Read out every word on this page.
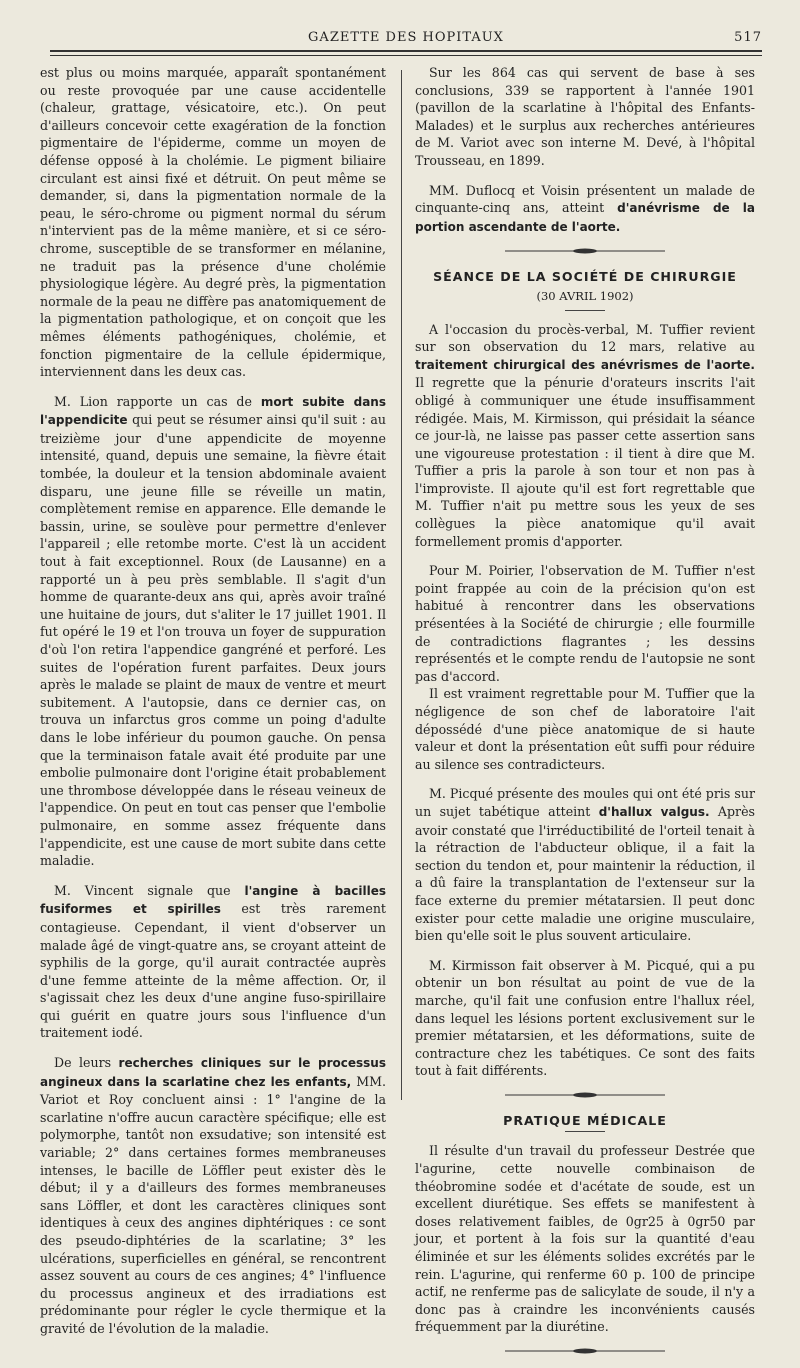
GAZETTE DES HOPITAUX	517

est plus ou moins marquée, apparaît spontanément ou reste provoquée par une cause accidentelle (chaleur, grattage, vésicatoire, etc.). On peut d'ailleurs concevoir cette exagération de la fonction pigmentaire de l'épiderme, comme un moyen de défense opposé à la cholémie. Le pigment biliaire circulant est ainsi fixé et détruit. On peut même se demander, si, dans la pigmentation normale de la peau, le séro-chrome ou pigment normal du sérum n'intervient pas de la même manière, et si ce séro-chrome, susceptible de se transformer en mélanine, ne traduit pas la présence d'une cholémie physiologique légère. Au degré près, la pigmentation normale de la peau ne diffère pas anatomiquement de la pigmentation pathologique, et on conçoit que les mêmes éléments pathogéniques, cholémie, et fonction pigmentaire de la cellule épidermique, interviennent dans les deux cas.

M. Lion rapporte un cas de mort subite dans l'appendicite qui peut se résumer ainsi qu'il suit : au treizième jour d'une appendicite de moyenne intensité, quand, depuis une semaine, la fièvre était tombée, la douleur et la tension abdominale avaient disparu, une jeune fille se réveille un matin, complètement remise en apparence. Elle demande le bassin, urine, se soulève pour permettre d'enlever l'appareil ; elle retombe morte. C'est là un accident tout à fait exceptionnel. Roux (de Lausanne) en a rapporté un à peu près semblable. Il s'agit d'un homme de quarante-deux ans qui, après avoir traîné une huitaine de jours, dut s'aliter le 17 juillet 1901. Il fut opéré le 19 et l'on trouva un foyer de suppuration d'où l'on retira l'appendice gangréné et perforé. Les suites de l'opération furent parfaites. Deux jours après le malade se plaint de maux de ventre et meurt subitement. A l'autopsie, dans ce dernier cas, on trouva un infarctus gros comme un poing d'adulte dans le lobe inférieur du poumon gauche. On pensa que la terminaison fatale avait été produite par une embolie pulmonaire dont l'origine était probablement une thrombose développée dans le réseau veineux de l'appendice. On peut en tout cas penser que l'embolie pulmonaire, en somme assez fréquente dans l'appendicite, est une cause de mort subite dans cette maladie.

M. Vincent signale que l'angine à bacilles fusiformes et spirilles est très rarement contagieuse. Cependant, il vient d'observer un malade âgé de vingt-quatre ans, se croyant atteint de syphilis de la gorge, qu'il aurait contractée auprès d'une femme atteinte de la même affection. Or, il s'agissait chez les deux d'une angine fuso-spirillaire qui guérit en quatre jours sous l'influence d'un traitement iodé.

De leurs recherches cliniques sur le processus angineux dans la scarlatine chez les enfants, MM. Variot et Roy concluent ainsi : 1° l'angine de la scarlatine n'offre aucun caractère spécifique; elle est polymorphe, tantôt non exsudative; son intensité est variable; 2° dans certaines formes membraneuses intenses, le bacille de Löffler peut exister dès le début; il y a d'ailleurs des formes membraneuses sans Löffler, et dont les caractères cliniques sont identiques à ceux des angines diphtériques : ce sont des pseudo-diphtéries de la scarlatine; 3° les ulcérations, superficielles en général, se rencontrent assez souvent au cours de ces angines; 4° l'influence du processus angineux et des irradiations est prédominante pour régler le cycle thermique et la gravité de l'évolution de la maladie.

Sur les 864 cas qui servent de base à ses conclusions, 339 se rapportent à l'année 1901 (pavillon de la scarlatine à l'hôpital des Enfants-Malades) et le surplus aux recherches antérieures de M. Variot avec son interne M. Devé, à l'hôpital Trousseau, en 1899.

MM. Duflocq et Voisin présentent un malade de cinquante-cinq ans, atteint d'anévrisme de la portion ascendante de l'aorte.

SÉANCE DE LA SOCIÉTÉ DE CHIRURGIE
(30 AVRIL 1902)

A l'occasion du procès-verbal, M. Tuffier revient sur son observation du 12 mars, relative au traitement chirurgical des anévrismes de l'aorte. Il regrette que la pénurie d'orateurs inscrits l'ait obligé à communiquer une étude insuffisamment rédigée. Mais, M. Kirmisson, qui présidait la séance ce jour-là, ne laisse pas passer cette assertion sans une vigoureuse protestation : il tient à dire que M. Tuffier a pris la parole à son tour et non pas à l'improviste. Il ajoute qu'il est fort regrettable que M. Tuffier n'ait pu mettre sous les yeux de ses collègues la pièce anatomique qu'il avait formellement promis d'apporter.

Pour M. Poirier, l'observation de M. Tuffier n'est point frappée au coin de la précision qu'on est habitué à rencontrer dans les observations présentées à la Société de chirurgie ; elle fourmille de contradictions flagrantes ; les dessins représentés et le compte rendu de l'autopsie ne sont pas d'accord.

Il est vraiment regrettable pour M. Tuffier que la négligence de son chef de laboratoire l'ait dépossédé d'une pièce anatomique de si haute valeur et dont la présentation eût suffi pour réduire au silence ses contradicteurs.

M. Picqué présente des moules qui ont été pris sur un sujet tabétique atteint d'hallux valgus. Après avoir constaté que l'irréductibilité de l'orteil tenait à la rétraction de l'abducteur oblique, il a fait la section du tendon et, pour maintenir la réduction, il a dû faire la transplantation de l'extenseur sur la face externe du premier métatarsien. Il peut donc exister pour cette maladie une origine musculaire, bien qu'elle soit le plus souvent articulaire.

M. Kirmisson fait observer à M. Picqué, qui a pu obtenir un bon résultat au point de vue de la marche, qu'il fait une confusion entre l'hallux réel, dans lequel les lésions portent exclusivement sur le premier métatarsien, et les déformations, suite de contracture chez les tabétiques. Ce sont des faits tout à fait différents.

PRATIQUE MÉDICALE

Il résulte d'un travail du professeur Destrée que l'agurine, cette nouvelle combinaison de théobromine sodée et d'acétate de soude, est un excellent diurétique. Ses effets se manifestent à doses relativement faibles, de 0gr25 à 0gr50 par jour, et portent à la fois sur la quantité d'eau éliminée et sur les éléments solides excrétés par le rein. L'agurine, qui renferme 60 p. 100 de principe actif, ne renferme pas de salicylate de soude, il n'y a donc pas à craindre les inconvénients causés fréquemment par la diurétine.
